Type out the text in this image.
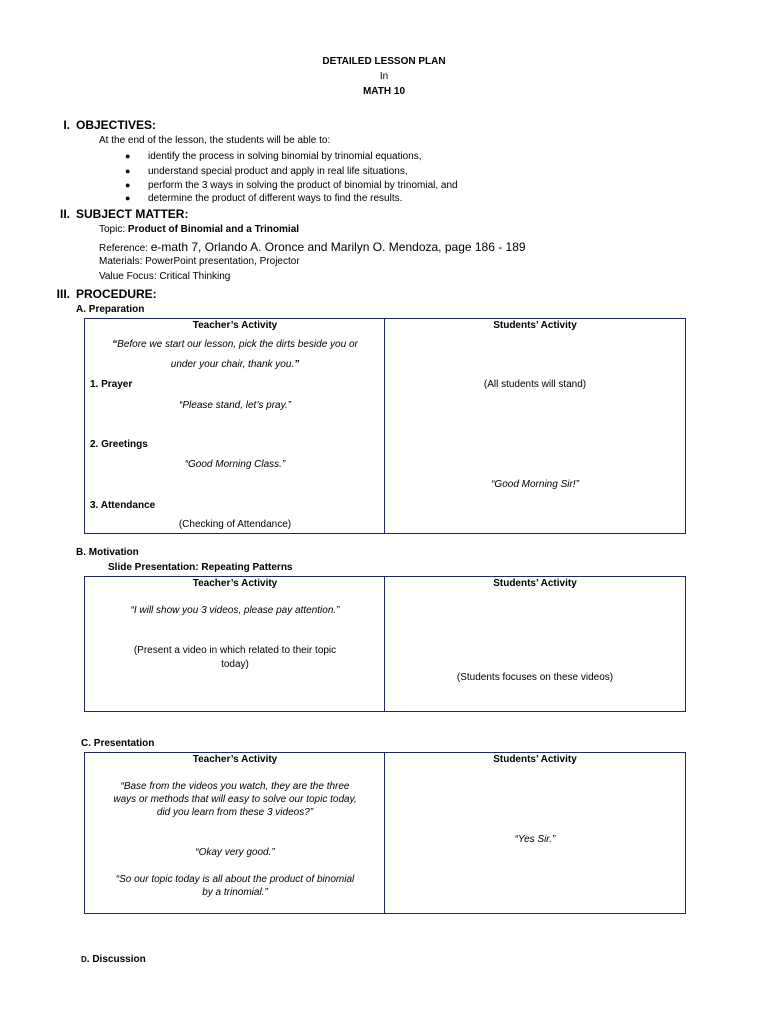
DETAILED LESSON PLAN
In
MATH 10
I. OBJECTIVES:
At the end of the lesson, the students will be able to:
● identify the process in solving binomial by trinomial equations,
● understand special product and apply in real life situations,
● perform the 3 ways in solving the product of binomial by trinomial, and
● determine the product of different ways to find the results.
II. SUBJECT MATTER:
Topic: Product of Binomial and a Trinomial
Reference: e-math 7, Orlando A. Oronce and Marilyn O. Mendoza, page 186 - 189
Materials: PowerPoint presentation, Projector
Value Focus: Critical Thinking
III. PROCEDURE:
A. Preparation
Teacher’s Activity
“Before we start our lesson, pick the dirts beside you or
under your chair, thank you.”
1. Prayer
“Please stand, let’s pray.”
2. Greetings
“Good Morning Class.”
3. Attendance
(Checking of Attendance)
Students’ Activity
(All students will stand)
“Good Morning Sir!”
B. Motivation
Slide Presentation: Repeating Patterns
Teacher’s Activity
“I will show you 3 videos, please pay attention.”
(Present a video in which related to their topic
today)
Students’ Activity
(Students focuses on these videos)
C. Presentation
Teacher’s Activity
“Base from the videos you watch, they are the three
ways or methods that will easy to solve our topic today,
did you learn from these 3 videos?”
“Okay very good.”
“So our topic today is all about the product of binomial
by a trinomial.”
Students’ Activity
“Yes Sir.”
D. Discussion
